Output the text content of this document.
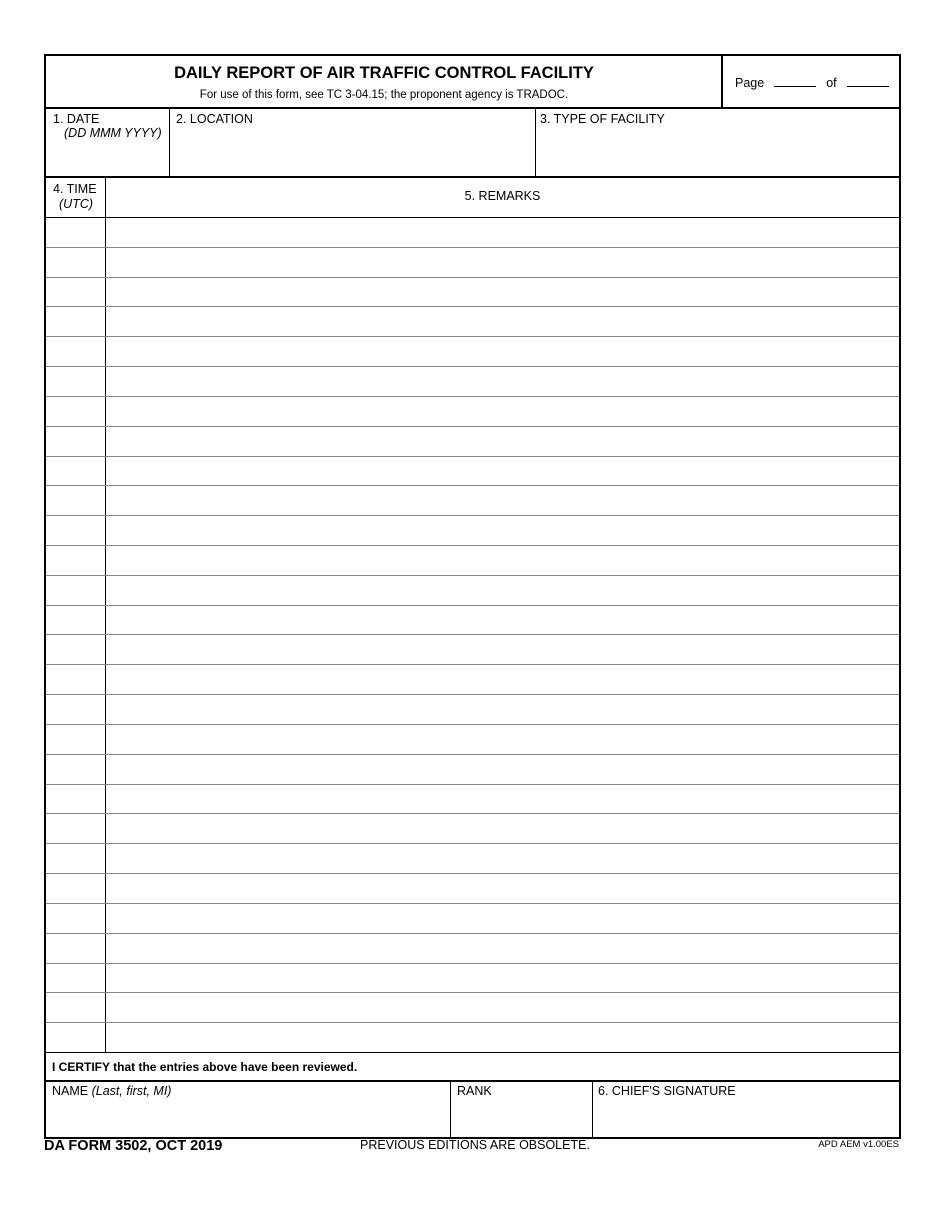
DAILY REPORT OF AIR TRAFFIC CONTROL FACILITY
For use of this form, see TC 3-04.15; the proponent agency is TRADOC.
Page	of
1. DATE
(DD MMM YYYY)
2. LOCATION	3. TYPE OF FACILITY
4. TIME
(UTC)
5. REMARKS
I CERTIFY that the entries above have been reviewed.
NAME (Last, first, MI)	RANK	6. CHIEF'S SIGNATURE
DA FORM 3502, OCT 2019	PREVIOUS EDITIONS ARE OBSOLETE.	APD AEM v1.00ES
